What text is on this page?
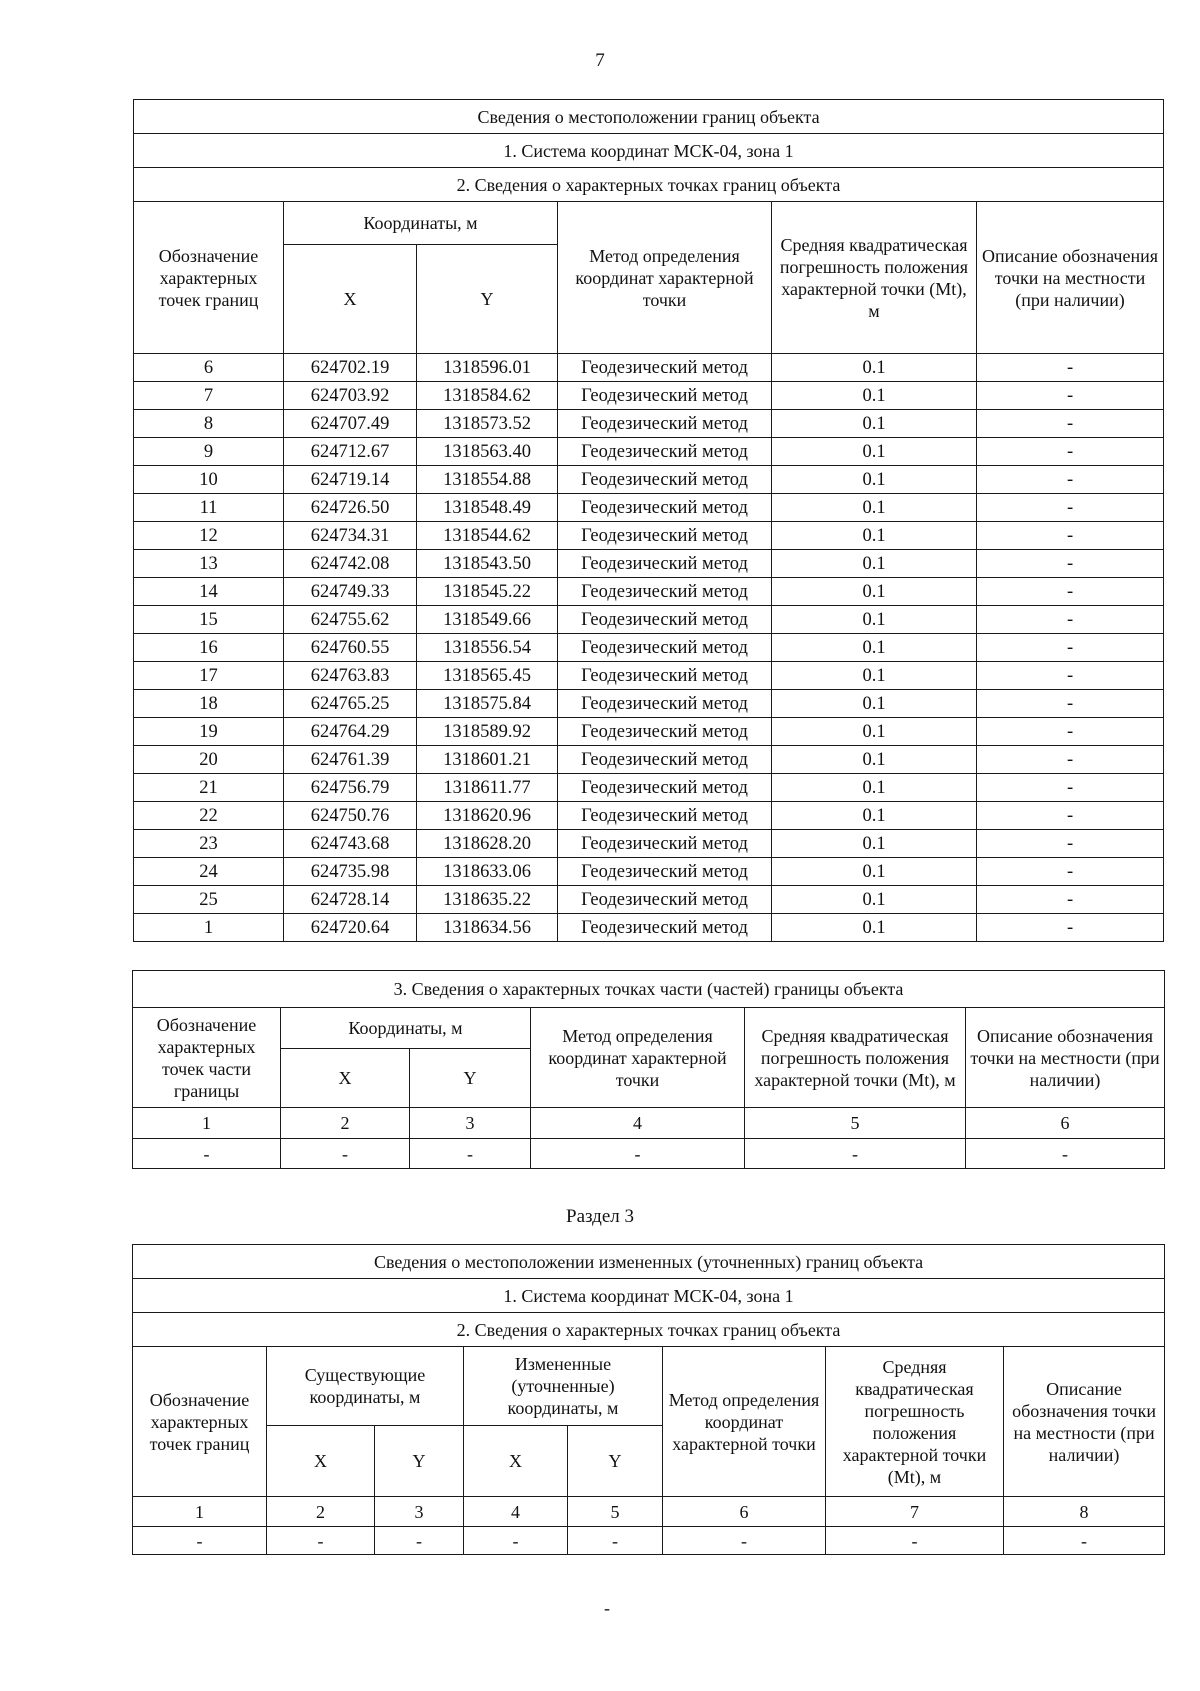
7
Сведения о местоположении границ объекта					
1. Система координат МСК-04, зона 1					
2. Сведения о характерных точках границ объекта					
Обозначение характерных точек границ	Координаты, м		Метод определения координат характерной точки	Средняя квадратическая погрешность положения характерной точки (Mt), м	Описание обозначения точки на местности (при наличии)
	X	Y			
6	624702.19	1318596.01	Геодезический метод	0.1	-
7	624703.92	1318584.62	Геодезический метод	0.1	-
8	624707.49	1318573.52	Геодезический метод	0.1	-
9	624712.67	1318563.40	Геодезический метод	0.1	-
10	624719.14	1318554.88	Геодезический метод	0.1	-
11	624726.50	1318548.49	Геодезический метод	0.1	-
12	624734.31	1318544.62	Геодезический метод	0.1	-
13	624742.08	1318543.50	Геодезический метод	0.1	-
14	624749.33	1318545.22	Геодезический метод	0.1	-
15	624755.62	1318549.66	Геодезический метод	0.1	-
16	624760.55	1318556.54	Геодезический метод	0.1	-
17	624763.83	1318565.45	Геодезический метод	0.1	-
18	624765.25	1318575.84	Геодезический метод	0.1	-
19	624764.29	1318589.92	Геодезический метод	0.1	-
20	624761.39	1318601.21	Геодезический метод	0.1	-
21	624756.79	1318611.77	Геодезический метод	0.1	-
22	624750.76	1318620.96	Геодезический метод	0.1	-
23	624743.68	1318628.20	Геодезический метод	0.1	-
24	624735.98	1318633.06	Геодезический метод	0.1	-
25	624728.14	1318635.22	Геодезический метод	0.1	-
1	624720.64	1318634.56	Геодезический метод	0.1	-
3. Сведения о характерных точках части (частей) границы объекта					
Обозначение характерных точек части границы	Координаты, м		Метод определения координат характерной точки	Средняя квадратическая погрешность положения характерной точки (Mt), м	Описание обозначения точки на местности (при наличии)
	X	Y			
1	2	3	4	5	6
-	-	-	-	-	-
Раздел 3
Сведения о местоположении измененных (уточненных) границ объекта							
1. Система координат МСК-04, зона 1							
2. Сведения о характерных точках границ объекта							
Обозначение характерных точек границ	Существующие координаты, м		Измененные (уточненные) координаты, м		Метод определения координат характерной точки	Средняя квадратическая погрешность положения характерной точки (Mt), м	Описание обозначения точки на местности (при наличии)
	X	Y	X	Y			
1	2	3	4	5	6	7	8
-	-	-	-	-	-	-	-
-
